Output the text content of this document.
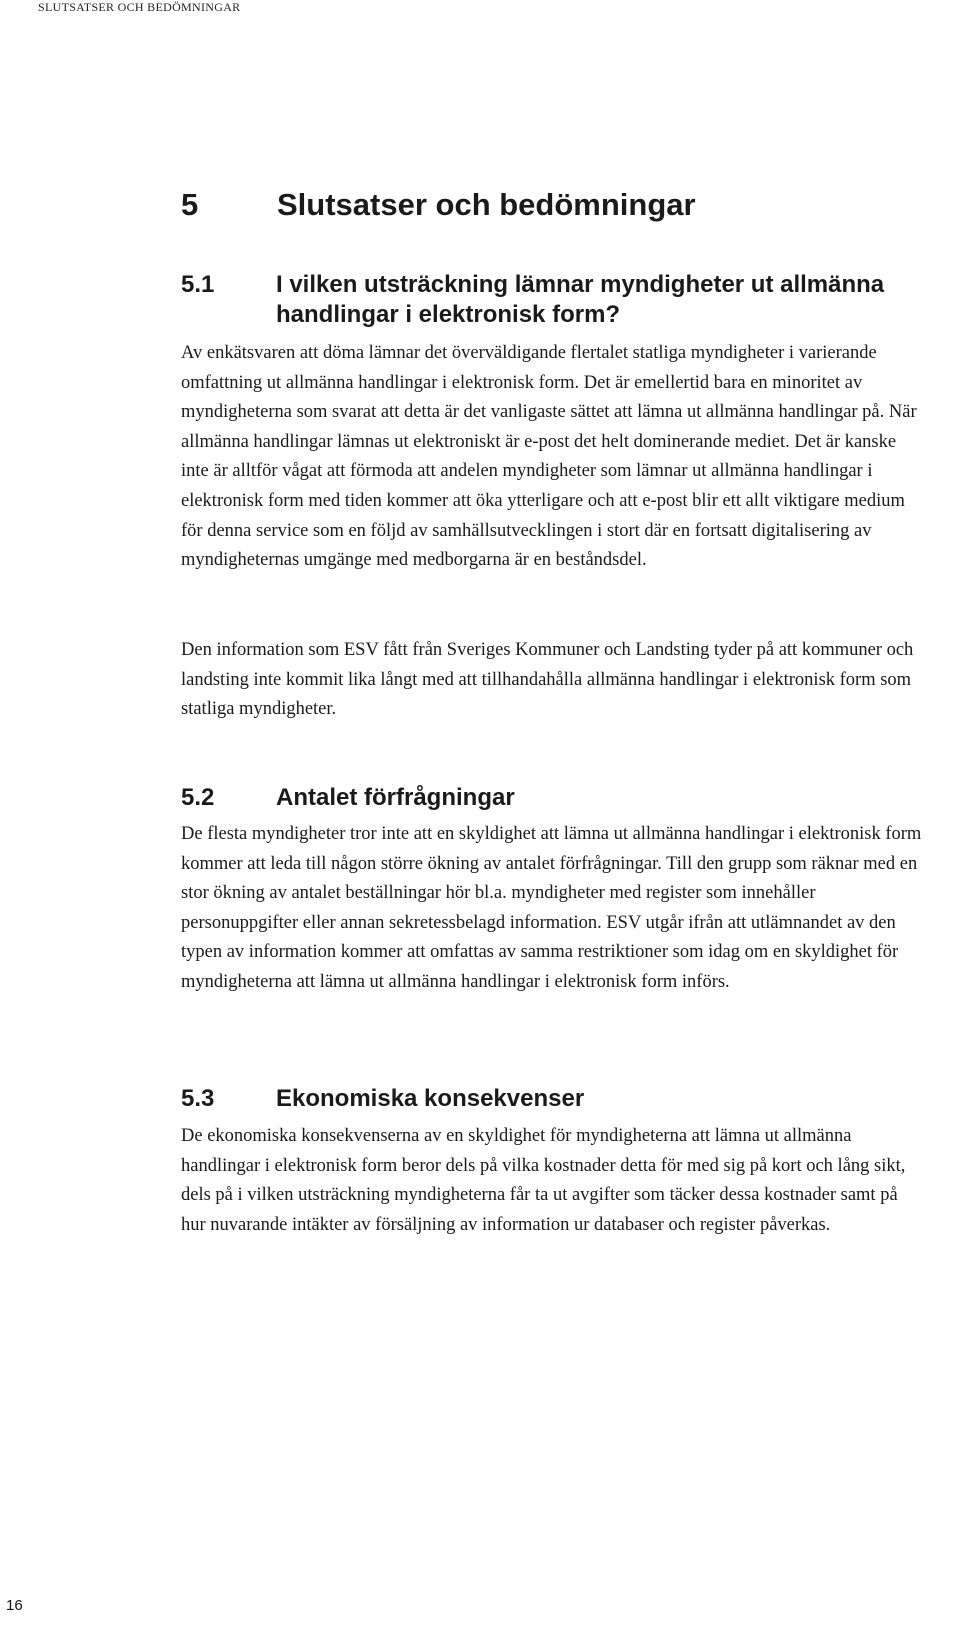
SLUTSATSER OCH BEDÖMNINGAR
5	Slutsatser och bedömningar
5.1	I vilken utsträckning lämnar myndigheter ut allmänna handlingar i elektronisk form?

Av enkätsvaren att döma lämnar det överväldigande flertalet statliga myndigheter i varierande omfattning ut allmänna handlingar i elektronisk form. Det är emellertid bara en minoritet av myndigheterna som svarat att detta är det vanligaste sättet att lämna ut allmänna handlingar på. När allmänna handlingar lämnas ut elektroniskt är e-post det helt dominerande mediet. Det är kanske inte är alltför vågat att förmoda att andelen myndigheter som lämnar ut allmänna handlingar i elektronisk form med tiden kommer att öka ytterligare och att e-post blir ett allt viktigare medium för denna service som en följd av samhällsutvecklingen i stort där en fortsatt digitalisering av myndigheternas umgänge med medborgarna är en beståndsdel.

Den information som ESV fått från Sveriges Kommuner och Landsting tyder på att kommuner och landsting inte kommit lika långt med att tillhandahålla allmänna handlingar i elektronisk form som statliga myndigheter.

5.2	Antalet förfrågningar

De flesta myndigheter tror inte att en skyldighet att lämna ut allmänna handlingar i elektronisk form kommer att leda till någon större ökning av antalet förfrågningar. Till den grupp som räknar med en stor ökning av antalet beställningar hör bl.a. myndigheter med register som innehåller personuppgifter eller annan sekretessbelagd information. ESV utgår ifrån att utlämnandet av den typen av information kommer att omfattas av samma restriktioner som idag om en skyldighet för myndigheterna att lämna ut allmänna handlingar i elektronisk form införs.

5.3	Ekonomiska konsekvenser

De ekonomiska konsekvenserna av en skyldighet för myndigheterna att lämna ut allmänna handlingar i elektronisk form beror dels på vilka kostnader detta för med sig på kort och lång sikt, dels på i vilken utsträckning myndigheterna får ta ut avgifter som täcker dessa kostnader samt på hur nuvarande intäkter av försäljning av information ur databaser och register påverkas.

16
